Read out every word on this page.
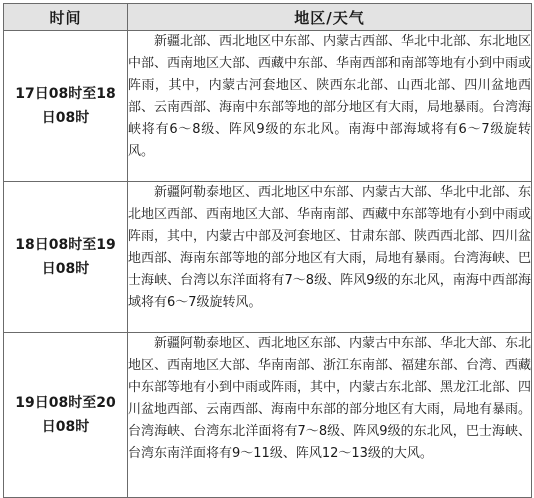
时间	地区/天气

17日08时至18
日08时	新疆北部、西北地区中东部、内蒙古西部、华北中北部、东北地区中部、西南地区大部、西藏中东部、华南西部和南部等地有小到中雨或阵雨，其中，内蒙古河套地区、陕西东北部、山西北部、四川盆地西部、云南西部、海南中东部等地的部分地区有大雨，局地暴雨。台湾海峡将有6～8级、阵风9级的东北风。南海中部海域将有6～7级旋转风。

18日08时至19
日08时	新疆阿勒泰地区、西北地区中东部、内蒙古大部、华北中北部、东北地区西部、西南地区大部、华南南部、西藏中东部等地有小到中雨或阵雨，其中，内蒙古中部及河套地区、甘肃东部、陕西西北部、四川盆地西部、海南东部等地的部分地区有大雨，局地有暴雨。台湾海峡、巴士海峡、台湾以东洋面将有7～8级、阵风9级的东北风，南海中西部海域将有6～7级旋转风。

19日08时至20
日08时	新疆阿勒泰地区、西北地区东部、内蒙古中东部、华北大部、东北地区、西南地区大部、华南南部、浙江东南部、福建东部、台湾、西藏中东部等地有小到中雨或阵雨，其中，内蒙古东北部、黑龙江北部、四川盆地西部、云南西部、海南中东部的部分地区有大雨，局地有暴雨。台湾海峡、台湾东北洋面将有7～8级、阵风9级的东北风，巴士海峡、台湾东南洋面将有9～11级、阵风12～13级的大风。
